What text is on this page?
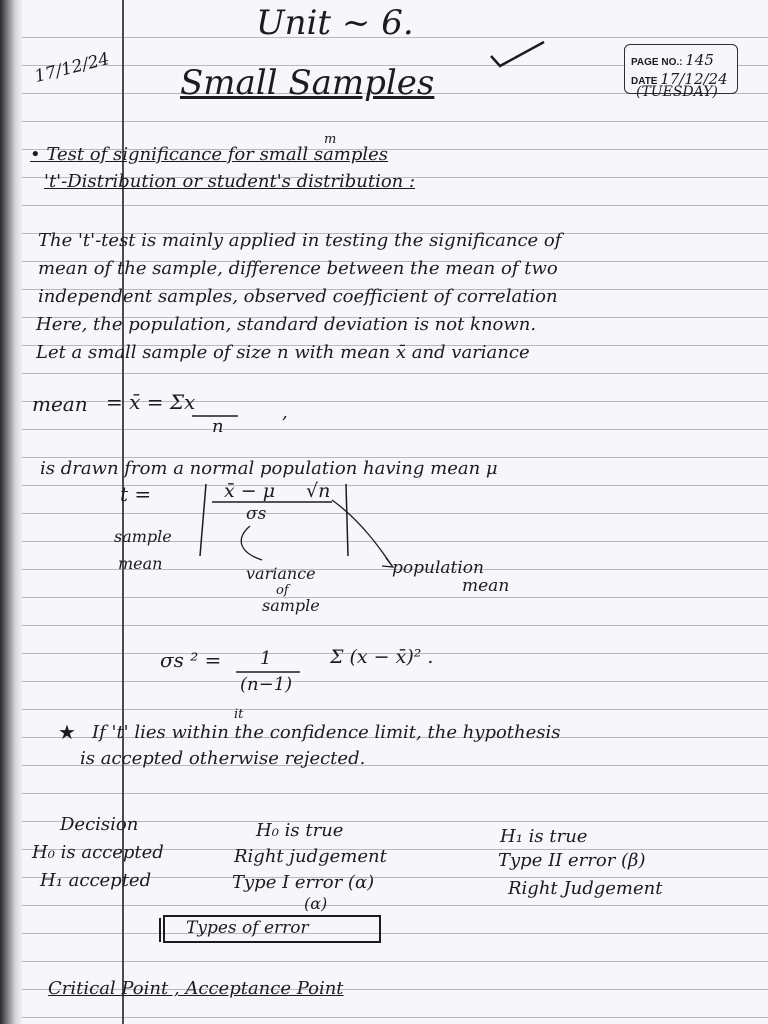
17/12/24
Unit ~ 6.
Small Samples
PAGE NO.: 145
DATE 17/12/24
(TUESDAY)
m
• Test of significance for small samples
't'-Distribution or student's distribution :
The 't'-test is mainly applied in testing the significance of
mean of the sample, difference between the mean of two
independent samples, observed coefficient of correlation
Here, the population, standard deviation is not known.
Let a small sample of size n with mean x̄ and variance
mean = x̄ = Σx
n
,
is drawn from a normal population having mean μ
t =	x̄ − μ √n
σs
sample
mean
variance
of
sample
population
mean
σs ² = 1
(n−1)
Σ (x − x̄)² .
it
★ If 't' lies within the confidence limit, the hypothesis
is accepted otherwise rejected.
Decision	H₀ is true	H₁ is true
H₀ is accepted	Right judgement	Type II error (β)
H₁ accepted	Type I error (α)	Right Judgement
(α)
Types of error
Critical Point , Acceptance Point
